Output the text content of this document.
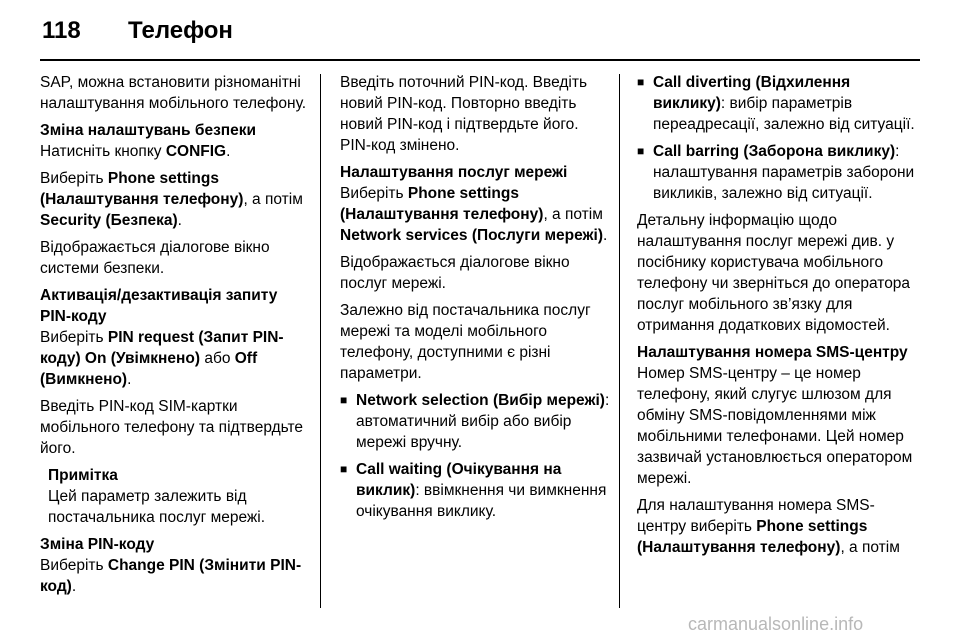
118 Телефон

SAP, можна встановити різноманітні налаштування мобільного телефону.

Зміна налаштувань безпеки

Натисніть кнопку CONFIG.

Виберіть Phone settings (Налаштування телефону), а потім Security (Безпека).

Відображається діалогове вікно системи безпеки.

Активація/дезактивація запиту PIN-коду

Виберіть PIN request (Запит PIN-коду) On (Увімкнено) або Off (Вимкнено).

Введіть PIN-код SIM-картки мобільного телефону та підтвердьте його.

Примітка

Цей параметр залежить від постачальника послуг мережі.

Зміна PIN-коду

Виберіть Change PIN (Змінити PIN-код).

Введіть поточний PIN-код. Введіть новий PIN-код. Повторно введіть новий PIN-код і підтвердьте його. PIN-код змінено.

Налаштування послуг мережі

Виберіть Phone settings (Налаштування телефону), а потім Network services (Послуги мережі).

Відображається діалогове вікно послуг мережі.

Залежно від постачальника послуг мережі та моделі мобільного телефону, доступними є різні параметри.

■ Network selection (Вибір мережі): автоматичний вибір або вибір мережі вручну.
■ Call waiting (Очікування на виклик): ввімкнення чи вимкнення очікування виклику.
■ Call diverting (Відхилення виклику): вибір параметрів переадресації, залежно від ситуації.
■ Call barring (Заборона виклику): налаштування параметрів заборони викликів, залежно від ситуації.

Детальну інформацію щодо налаштування послуг мережі див. у посібнику користувача мобільного телефону чи зверніться до оператора послуг мобільного зв’язку для отримання додаткових відомостей.

Налаштування номера SMS-центру

Номер SMS-центру – це номер телефону, який слугує шлюзом для обміну SMS-повідомленнями між мобільними телефонами. Цей номер зазвичай установлюється оператором мережі.

Для налаштування номера SMS-центру виберіть Phone settings (Налаштування телефону), а потім

carmanualsonline.info
